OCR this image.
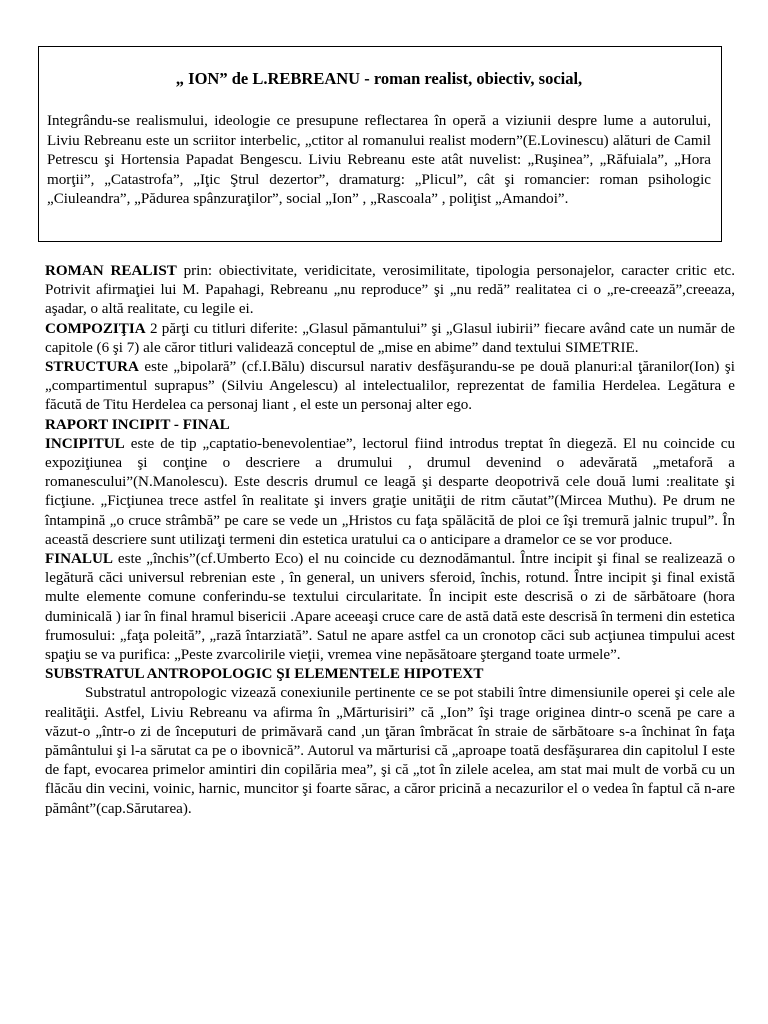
„ ION” de L.REBREANU - roman realist, obiectiv, social,
Integrându-se realismului, ideologie ce presupune reflectarea în operă a viziunii despre lume a autorului, Liviu Rebreanu este un scriitor interbelic, „ctitor al romanului realist modern”(E.Lovinescu) alături de Camil Petrescu şi Hortensia Papadat Bengescu. Liviu Rebreanu este atât nuvelist: „Ruşinea”, „Răfuiala”, „Hora morţii”, „Catastrofa”, „Iţic Ştrul dezertor”, dramaturg: „Plicul”, cât şi romancier: roman psihologic „Ciuleandra”, „Pădurea spânzuraţilor”, social „Ion” , „Rascoala” , poliţist „Amandoi”.

ROMAN REALIST prin: obiectivitate, veridicitate, verosimilitate, tipologia personajelor, caracter critic etc. Potrivit afirmaţiei lui M. Papahagi, Rebreanu „nu reproduce” şi „nu redă” realitatea ci o „re-creează”,creeaza, aşadar, o altă realitate, cu legile ei.

COMPOZIŢIA 2 părţi cu titluri diferite: „Glasul pămantului” şi „Glasul iubirii” fiecare având cate un număr de capitole (6 şi 7) ale căror titluri validează conceptul de „mise en abime” dand textului SIMETRIE.

STRUCTURA este „bipolară” (cf.I.Bălu) discursul narativ desfăşurandu-se pe două planuri:al ţăranilor(Ion) şi „compartimentul suprapus” (Silviu Angelescu) al intelectualilor, reprezentat de familia Herdelea. Legătura e făcută de Titu Herdelea ca personaj liant , el este un personaj alter ego.

RAPORT INCIPIT - FINAL

INCIPITUL este de tip „captatio-benevolentiae”, lectorul fiind introdus treptat în diegeză. El nu coincide cu expoziţiunea şi conţine o descriere a drumului , drumul devenind o adevărată „metaforă a romanescului”(N.Manolescu). Este descris drumul ce leagă şi desparte deopotrivă cele două lumi :realitate şi ficţiune. „Ficţiunea trece astfel în realitate şi invers graţie unităţii de ritm căutat”(Mircea Muthu). Pe drum ne întampină „o cruce strâmbă” pe care se vede un „Hristos cu faţa spălăcită de ploi ce îşi tremură jalnic trupul”. În această descriere sunt utilizaţi termeni din estetica uratului ca o anticipare a dramelor ce se vor produce.

FINALUL este „închis”(cf.Umberto Eco) el nu coincide cu deznodămantul. Între incipit şi final se realizează o legătură căci universul rebrenian este , în general, un univers sferoid, închis, rotund. Între incipit şi final există multe elemente comune conferindu-se textului circularitate. În incipit este descrisă o zi de sărbătoare (hora duminicală ) iar în final hramul bisericii .Apare aceeaşi cruce care de astă dată este descrisă în termeni din estetica frumosului: „faţa poleită”, „rază întarziată”. Satul ne apare astfel ca un cronotop căci sub acţiunea timpului acest spaţiu se va purifica: „Peste zvarcolirile vieţii, vremea vine nepăsătoare ştergand toate urmele”.

SUBSTRATUL ANTROPOLOGIC ŞI ELEMENTELE HIPOTEXT

Substratul antropologic vizează conexiunile pertinente ce se pot stabili între dimensiunile operei şi cele ale realităţii. Astfel, Liviu Rebreanu va afirma în „Mărturisiri” că „Ion” îşi trage originea dintr-o scenă pe care a văzut-o „într-o zi de începuturi de primăvară cand ,un ţăran îmbrăcat în straie de sărbătoare s-a închinat în faţa pământului şi l-a sărutat ca pe o ibovnică”. Autorul va mărturisi că „aproape toată desfăşurarea din capitolul I este de fapt, evocarea primelor amintiri din copilăria mea”, şi că „tot în zilele acelea, am stat mai mult de vorbă cu un flăcău din vecini, voinic, harnic, muncitor şi foarte sărac, a căror pricină a necazurilor el o vedea în faptul că n-are pământ”(cap.Sărutarea).
